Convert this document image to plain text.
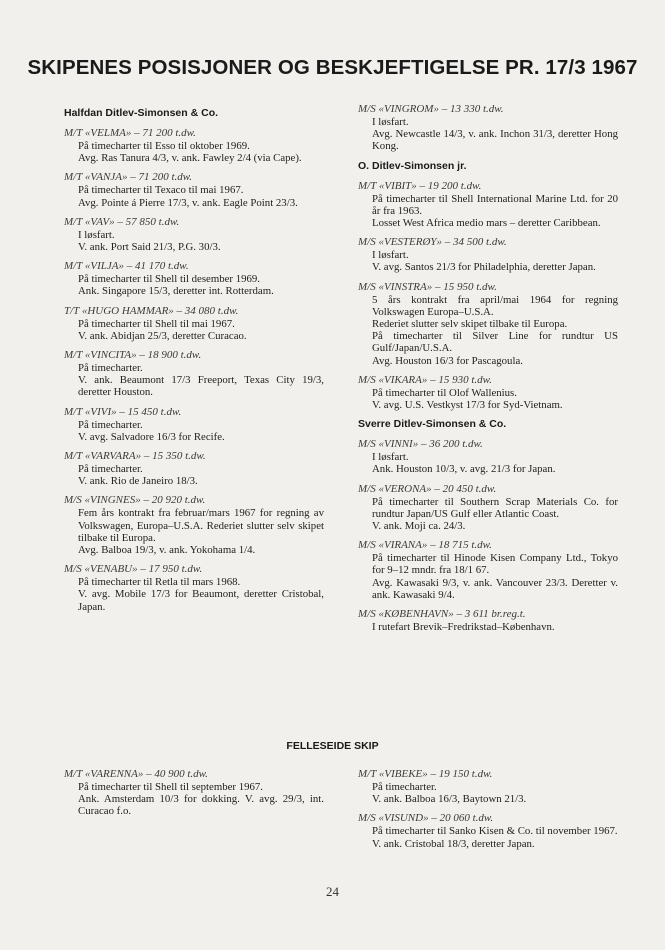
SKIPENES POSISJONER OG BESKJEFTIGELSE PR. 17/3 1967
Halfdan Ditlev-Simonsen & Co.
M/T «VELMA» – 71 200 t.dw.
På timecharter til Esso til oktober 1969.
Avg. Ras Tanura 4/3, v. ank. Fawley 2/4 (via Cape).
M/T «VANJA» – 71 200 t.dw.
På timecharter til Texaco til mai 1967.
Avg. Pointe á Pierre 17/3, v. ank. Eagle Point 23/3.
M/T «VAV» – 57 850 t.dw.
I løsfart.
V. ank. Port Said 21/3, P.G. 30/3.
M/T «VILJA» – 41 170 t.dw.
På timecharter til Shell til desember 1969.
Ank. Singapore 15/3, deretter int. Rotterdam.
T/T «HUGO HAMMAR» – 34 080 t.dw.
På timecharter til Shell til mai 1967.
V. ank. Abidjan 25/3, deretter Curacao.
M/T «VINCITA» – 18 900 t.dw.
På timecharter.
V. ank. Beaumont 17/3 Freeport, Texas City 19/3, deretter Houston.
M/T «VIVI» – 15 450 t.dw.
På timecharter.
V. avg. Salvadore 16/3 for Recife.
M/T «VARVARA» – 15 350 t.dw.
På timecharter.
V. ank. Rio de Janeiro 18/3.
M/S «VINGNES» – 20 920 t.dw.
Fem års kontrakt fra februar/mars 1967 for regning av Volkswagen, Europa–U.S.A. Rederiet slutter selv skipet tilbake til Europa.
Avg. Balboa 19/3, v. ank. Yokohama 1/4.
M/S «VENABU» – 17 950 t.dw.
På timecharter til Retla til mars 1968.
V. avg. Mobile 17/3 for Beaumont, deretter Cristobal, Japan.
M/S «VINGROM» – 13 330 t.dw.
I løsfart.
Avg. Newcastle 14/3, v. ank. Inchon 31/3, deretter Hong Kong.
O. Ditlev-Simonsen jr.
M/T «VIBIT» – 19 200 t.dw.
På timecharter til Shell International Marine Ltd. for 20 år fra 1963.
Losset West Africa medio mars – deretter Caribbean.
M/S «VESTERØY» – 34 500 t.dw.
I løsfart.
V. avg. Santos 21/3 for Philadelphia, deretter Japan.
M/S «VINSTRA» – 15 950 t.dw.
5 års kontrakt fra april/mai 1964 for regning Volkswagen Europa–U.S.A.
Rederiet slutter selv skipet tilbake til Europa.
På timecharter til Silver Line for rundtur US Gulf/Japan/U.S.A.
Avg. Houston 16/3 for Pascagoula.
M/S «VIKARA» – 15 930 t.dw.
På timecharter til Olof Wallenius.
V. avg. U.S. Vestkyst 17/3 for Syd-Vietnam.
Sverre Ditlev-Simonsen & Co.
M/S «VINNI» – 36 200 t.dw.
I løsfart.
Ank. Houston 10/3, v. avg. 21/3 for Japan.
M/S «VERONA» – 20 450 t.dw.
På timecharter til Southern Scrap Materials Co. for rundtur Japan/US Gulf eller Atlantic Coast.
V. ank. Moji ca. 24/3.
M/S «VIRANA» – 18 715 t.dw.
På timecharter til Hinode Kisen Company Ltd., Tokyo for 9–12 mndr. fra 18/1 67.
Avg. Kawasaki 9/3, v. ank. Vancouver 23/3. Deretter v. ank. Kawasaki 9/4.
M/S «KØBENHAVN» – 3 611 br.reg.t.
I rutefart Brevik–Fredrikstad–København.
FELLESEIDE SKIP
M/T «VARENNA» – 40 900 t.dw.
På timecharter til Shell til september 1967.
Ank. Amsterdam 10/3 for dokking. V. avg. 29/3, int. Curacao f.o.
M/T «VIBEKE» – 19 150 t.dw.
På timecharter.
V. ank. Balboa 16/3, Baytown 21/3.
M/S «VISUND» – 20 060 t.dw.
På timecharter til Sanko Kisen & Co. til november 1967.
V. ank. Cristobal 18/3, deretter Japan.
24
